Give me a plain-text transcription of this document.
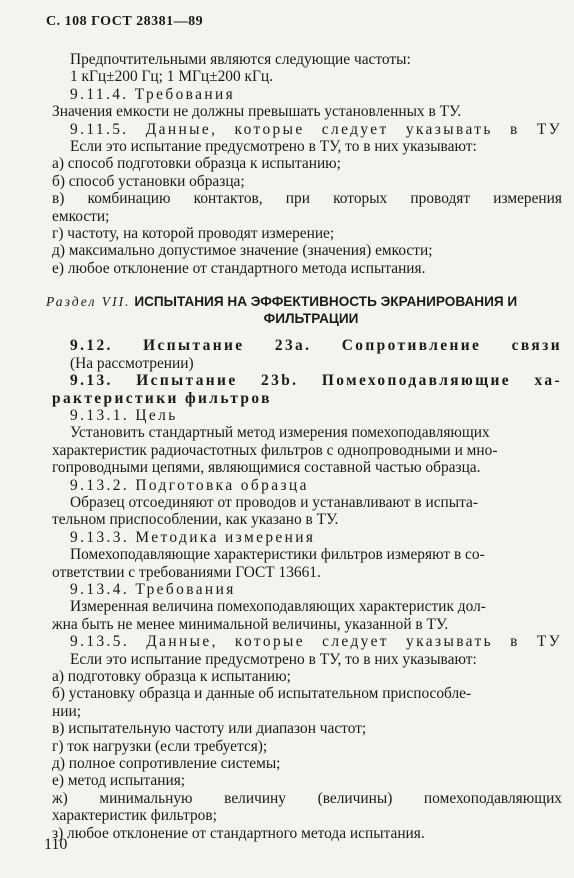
С. 108 ГОСТ 28381—89

Предпочтительными являются следующие частоты:

1 кГц±200 Гц; 1 МГц±200 кГц.

9.11.4. Требования

Значения емкости не должны превышать установленных в ТУ.

9.11.5. Данные, которые следует указывать в ТУ

Если это испытание предусмотрено в ТУ, то в них указывают:

а) способ подготовки образца к испытанию;

б) способ установки образца;

в) комбинацию контактов, при которых проводят измерения

емкости;

г) частоту, на которой проводят измерение;

д) максимально допустимое значение (значения) емкости;

е) любое отклонение от стандартного метода испытания.

Раздел VII. ИСПЫТАНИЯ НА ЭФФЕКТИВНОСТЬ ЭКРАНИРОВАНИЯ И
ФИЛЬТРАЦИИ

9.12. Испытание 23а. Сопротивление связи

(На рассмотрении)

9.13. Испытание 23b. Помехоподавляющие ха-

рактеристики фильтров

9.13.1. Цель

Установить стандартный метод измерения помехоподавляющих

характеристик радиочастотных фильтров с однопроводными и мно-

гопроводными цепями, являющимися составной частью образца.

9.13.2. Подготовка образца

Образец отсоединяют от проводов и устанавливают в испыта-

тельном приспособлении, как указано в ТУ.

9.13.3. Методика измерения

Помехоподавляющие характеристики фильтров измеряют в со-

ответствии с требованиями ГОСТ 13661.

9.13.4. Требования

Измеренная величина помехоподавляющих характеристик дол-

жна быть не менее минимальной величины, указанной в ТУ.

9.13.5. Данные, которые следует указывать в ТУ

Если это испытание предусмотрено в ТУ, то в них указывают:

а) подготовку образца к испытанию;

б) установку образца и данные об испытательном приспособле-

нии;

в) испытательную частоту или диапазон частот;

г) ток нагрузки (если требуется);

д) полное сопротивление системы;

е) метод испытания;

ж) минимальную величину (величины) помехоподавляющих

характеристик фильтров;

з) любое отклонение от стандартного метода испытания.

110
